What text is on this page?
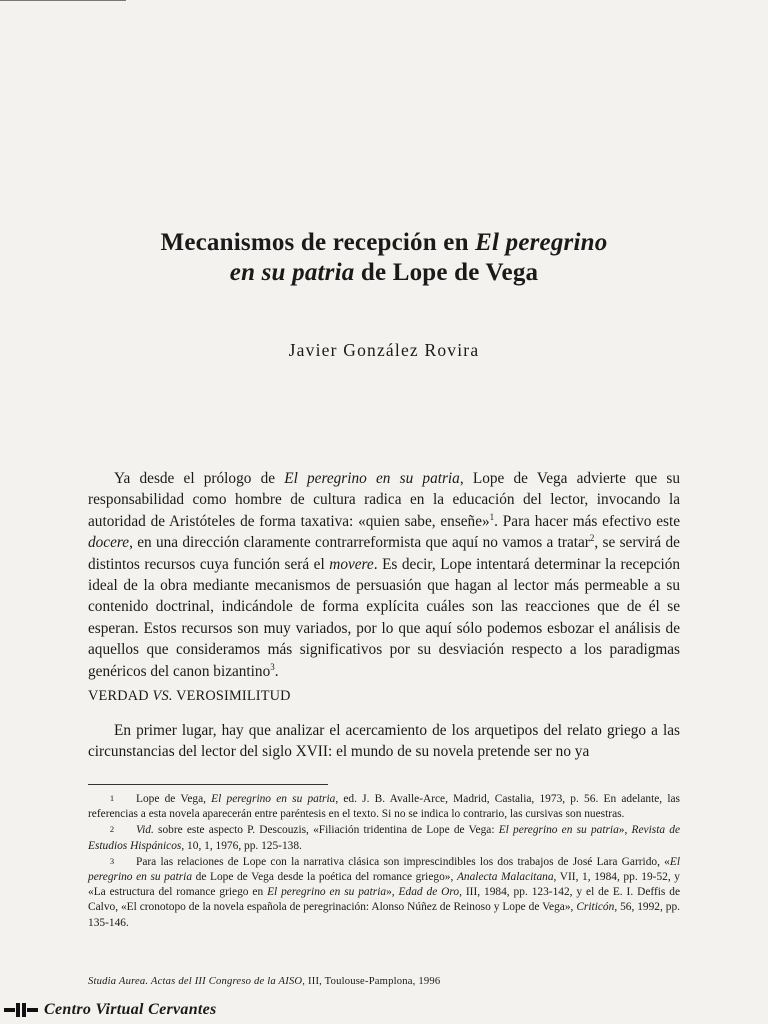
Mecanismos de recepción en El peregrino
en su patria de Lope de Vega
Javier González Rovira

Ya desde el prólogo de El peregrino en su patria, Lope de Vega advierte que su responsabilidad como hombre de cultura radica en la educación del lector, invocando la autoridad de Aristóteles de forma taxativa: «quien sabe, enseñe»$^1$. Para hacer más efectivo este docere, en una dirección claramente contrarreformista que aquí no vamos a tratar$^2$, se servirá de distintos recursos cuya función será el movere. Es decir, Lope intentará determinar la recepción ideal de la obra mediante mecanismos de persuasión que hagan al lector más permeable a su contenido doctrinal, indicándole de forma explícita cuáles son las reacciones que de él se esperan. Estos recursos son muy variados, por lo que aquí sólo podemos esbozar el análisis de aquellos que consideramos más significativos por su desviación respecto a los paradigmas genéricos del canon bizantino$^3$.

VERDAD VS. VEROSIMILITUD

En primer lugar, hay que analizar el acercamiento de los arquetipos del relato griego a las circunstancias del lector del siglo XVII: el mundo de su novela pretende ser no ya

1 Lope de Vega, El peregrino en su patria, ed. J. B. Avalle-Arce, Madrid, Castalia, 1973, p. 56. En adelante, las referencias a esta novela aparecerán entre paréntesis en el texto. Si no se indica lo contrario, las cursivas son nuestras.

2 Vid. sobre este aspecto P. Descouzis, «Filiación tridentina de Lope de Vega: El peregrino en su patria», Revista de Estudios Hispánicos, 10, 1, 1976, pp. 125-138.

3 Para las relaciones de Lope con la narrativa clásica son imprescindibles los dos trabajos de José Lara Garrido, «El peregrino en su patria de Lope de Vega desde la poética del romance griego», Analecta Malacitana, VII, 1, 1984, pp. 19-52, y «La estructura del romance griego en El peregrino en su patria», Edad de Oro, III, 1984, pp. 123-142, y el de E. I. Deffis de Calvo, «El cronotopo de la novela española de peregrinación: Alonso Núñez de Reinoso y Lope de Vega», Criticón, 56, 1992, pp. 135-146.

Studia Aurea. Actas del III Congreso de la AISO, III, Toulouse-Pamplona, 1996
Centro Virtual Cervantes
